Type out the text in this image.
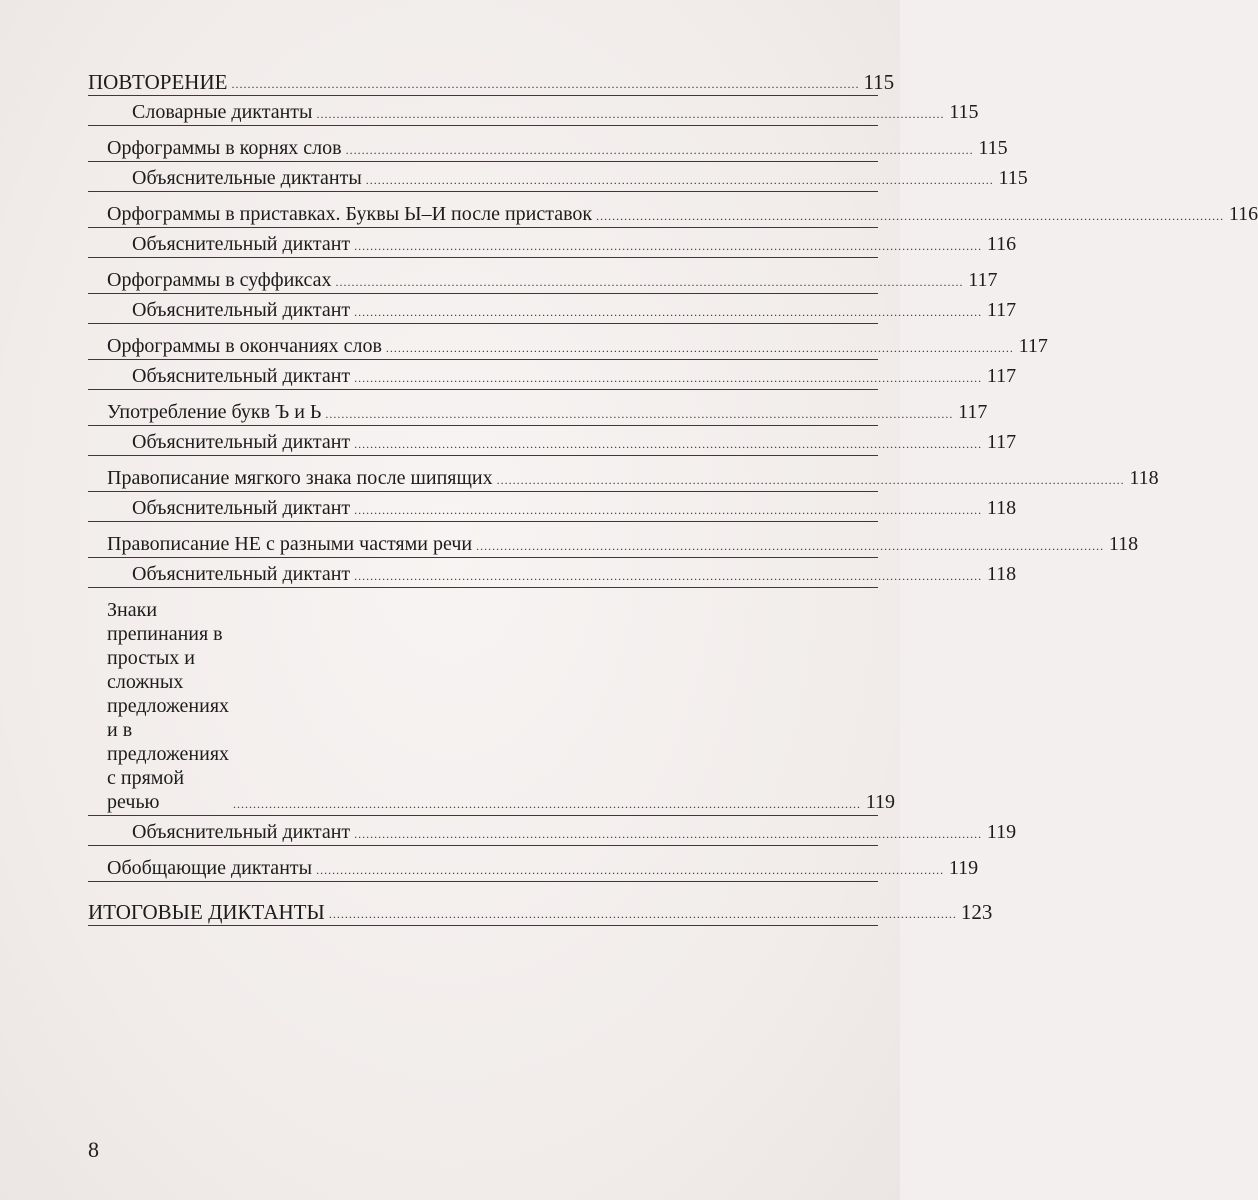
ПОВТОРЕНИЕ ............................................................................................................................................................. 115
Словарные диктанты ............................................................................................................................................................. 115
Орфограммы в корнях слов ............................................................................................................................................................. 115
Объяснительные диктанты ............................................................................................................................................................. 115
Орфограммы в приставках. Буквы Ы–И после приставок ............................................................................................................................................................. 116
Объяснительный диктант ............................................................................................................................................................. 116
Орфограммы в суффиксах ............................................................................................................................................................. 117
Объяснительный диктант ............................................................................................................................................................. 117
Орфограммы в окончаниях слов ............................................................................................................................................................. 117
Объяснительный диктант ............................................................................................................................................................. 117
Употребление букв Ъ и Ь ............................................................................................................................................................. 117
Объяснительный диктант ............................................................................................................................................................. 117
Правописание мягкого знака после шипящих ............................................................................................................................................................. 118
Объяснительный диктант ............................................................................................................................................................. 118
Правописание НЕ с разными частями речи ............................................................................................................................................................. 118
Объяснительный диктант ............................................................................................................................................................. 118
Знаки препинания в простых и сложных предложениях
и в предложениях с прямой речью	............................................................................................................................................................. 119
Объяснительный диктант ............................................................................................................................................................. 119
Обобщающие диктанты ............................................................................................................................................................. 119
ИТОГОВЫЕ ДИКТАНТЫ ............................................................................................................................................................. 123
8
